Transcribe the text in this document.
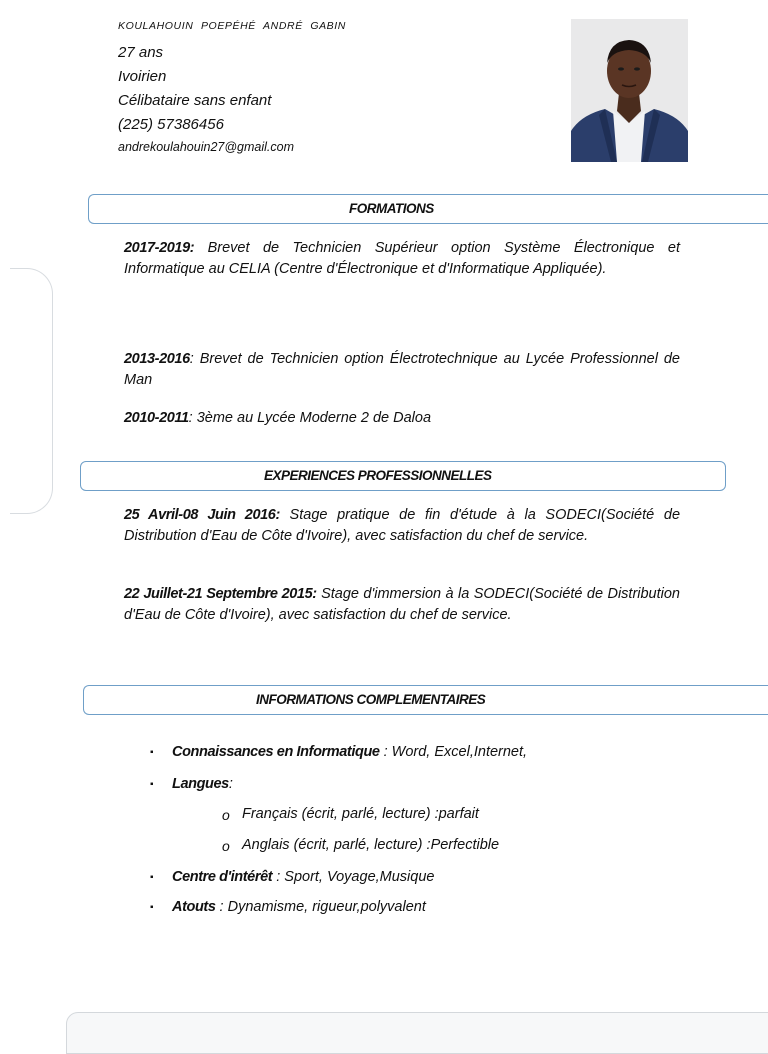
KOULAHOUIN POEPÉHÉ ANDRÉ GABIN
27 ans
Ivoirien
Célibataire sans enfant
(225) 57386456
andrekoulahouin27@gmail.com
FORMATIONS
2017-2019: Brevet de Technicien Supérieur option Système Électronique et Informatique au CELIA (Centre d'Électronique et d'Informatique Appliquée).
2013-2016: Brevet de Technicien option Électrotechnique au Lycée Professionnel de Man
2010-2011: 3ème au Lycée Moderne 2 de Daloa
EXPERIENCES PROFESSIONNELLES
25 Avril-08 Juin 2016: Stage pratique de fin d'étude à la SODECI(Société de Distribution d'Eau de Côte d'Ivoire), avec satisfaction du chef de service.
22 Juillet-21 Septembre 2015: Stage d'immersion à la SODECI(Société de Distribution d'Eau de Côte d'Ivoire), avec satisfaction du chef de service.
INFORMATIONS COMPLEMENTAIRES
▪ Connaissances en Informatique : Word, Excel,Internet,
▪ Langues:
o Français (écrit, parlé, lecture) :parfait
o Anglais (écrit, parlé, lecture) :Perfectible
▪ Centre d'intérêt : Sport, Voyage,Musique
▪ Atouts : Dynamisme, rigueur,polyvalent
